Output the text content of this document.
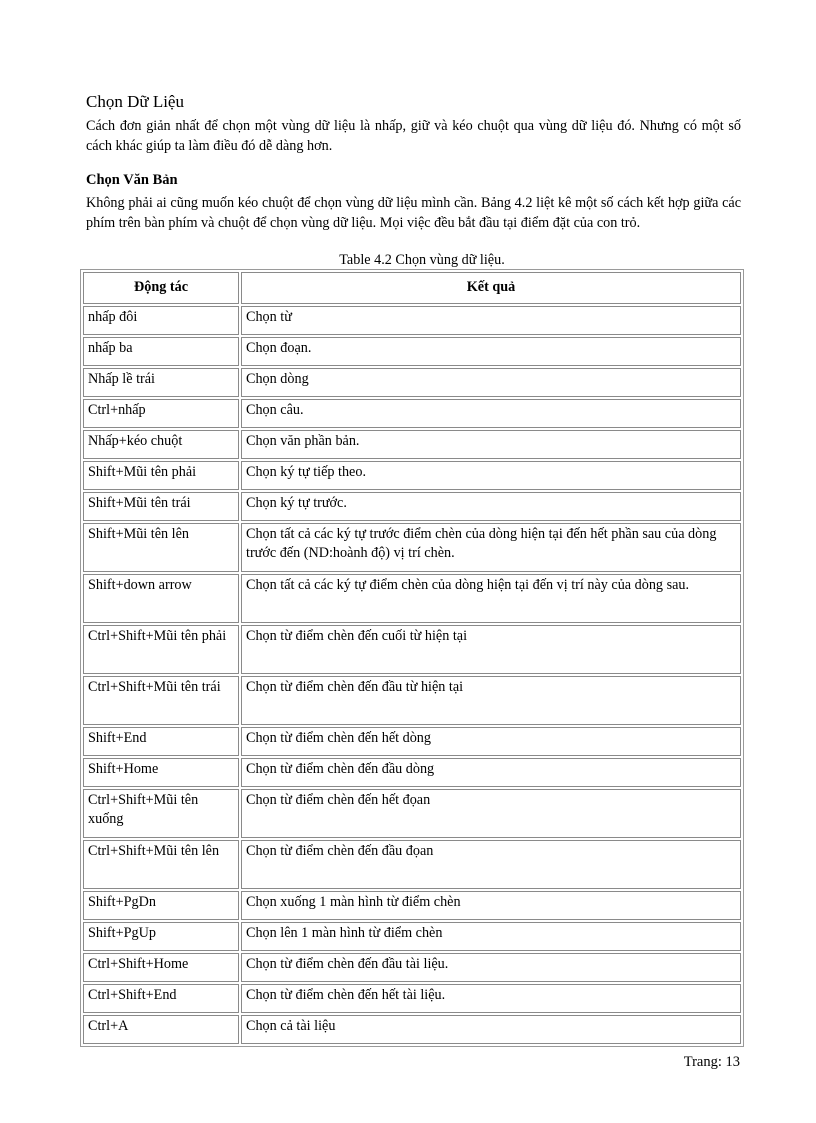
Chọn Dữ Liệu
Cách đơn giản nhất để chọn một vùng dữ liệu là nhấp, giữ và kéo chuột qua vùng dữ liệu đó. Nhưng có một số cách khác giúp ta làm điều đó dễ dàng hơn.
Chọn Văn Bản
Không phải ai cũng muốn kéo chuột để chọn vùng dữ liệu mình cần. Bảng 4.2 liệt kê một số cách kết hợp giữa các phím trên bàn phím và chuột để chọn vùng dữ liệu. Mọi việc đều bắt đầu tại điểm đặt của con trỏ.
Table 4.2 Chọn vùng dữ liệu.
Động tác	Kết quả
nhấp đôi	Chọn từ
nhấp ba	Chọn đoạn.
Nhấp lề trái	Chọn dòng
Ctrl+nhấp	Chọn câu.
Nhấp+kéo chuột	Chọn văn phần bản.
Shift+Mũi tên phải	Chọn ký tự tiếp theo.
Shift+Mũi tên trái	Chọn ký tự trước.
Shift+Mũi tên lên	Chọn tất cả các ký tự trước điểm chèn của dòng hiện tại đến hết phần sau của dòng trước đến (ND:hoành độ) vị trí chèn.
Shift+down arrow	Chọn tất cả các ký tự điểm chèn của dòng hiện tại đến vị trí này của dòng sau.
Ctrl+Shift+Mũi tên phải	Chọn từ điểm chèn đến cuối từ hiện tại
Ctrl+Shift+Mũi tên trái	Chọn từ điểm chèn đến đầu từ hiện tại
Shift+End	Chọn từ điểm chèn đến hết dòng
Shift+Home	Chọn từ điểm chèn đến đầu dòng
Ctrl+Shift+Mũi tên xuống	Chọn từ điểm chèn đến hết đọan
Ctrl+Shift+Mũi tên lên	Chọn từ điểm chèn đến đầu đọan
Shift+PgDn	Chọn xuống 1 màn hình từ điểm chèn
Shift+PgUp	Chọn lên 1 màn hình từ điểm chèn
Ctrl+Shift+Home	Chọn từ điểm chèn đến đầu tài liệu.
Ctrl+Shift+End	Chọn từ điểm chèn đến hết tài liệu.
Ctrl+A	Chọn cả tài liệu
Trang: 13
